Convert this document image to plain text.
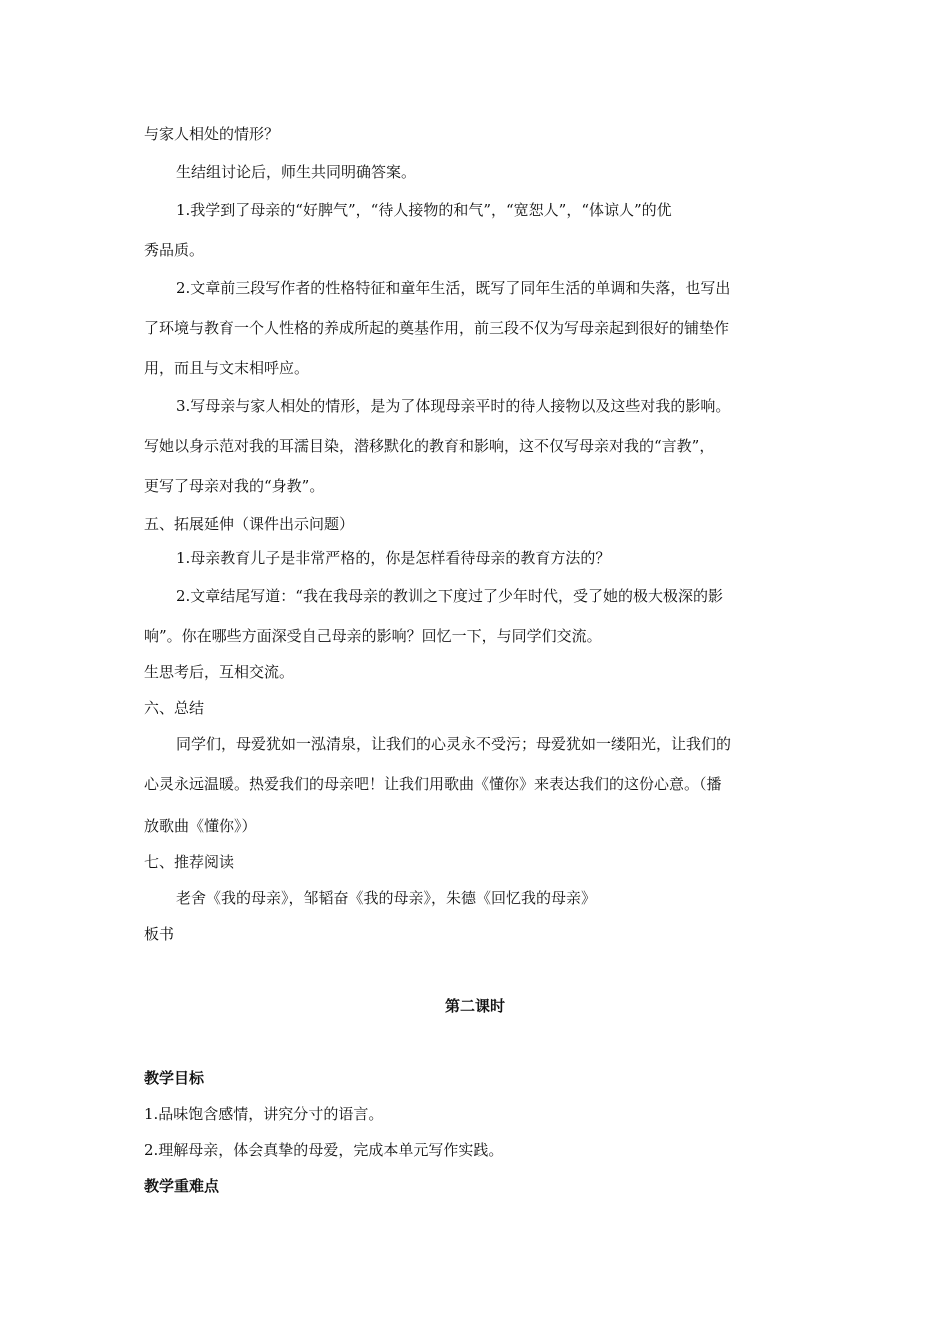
与家人相处的情形？
生结组讨论后，师生共同明确答案。
1.我学到了母亲的“好脾气”，“待人接物的和气”，“宽恕人”，“体谅人”的优
秀品质。
2.文章前三段写作者的性格特征和童年生活，既写了同年生活的单调和失落，也写出
了环境与教育一个人性格的养成所起的奠基作用，前三段不仅为写母亲起到很好的铺垫作
用，而且与文末相呼应。
3.写母亲与家人相处的情形，是为了体现母亲平时的待人接物以及这些对我的影响。
写她以身示范对我的耳濡目染，潜移默化的教育和影响，这不仅写母亲对我的“言教”，
更写了母亲对我的“身教”。
五、拓展延伸（课件出示问题）
1.母亲教育儿子是非常严格的，你是怎样看待母亲的教育方法的？
2.文章结尾写道：“我在我母亲的教训之下度过了少年时代，受了她的极大极深的影
响”。你在哪些方面深受自己母亲的影响？回忆一下，与同学们交流。
生思考后，互相交流。
六、总结
同学们，母爱犹如一泓清泉，让我们的心灵永不受污；母爱犹如一缕阳光，让我们的
心灵永远温暖。热爱我们的母亲吧！让我们用歌曲《懂你》来表达我们的这份心意。（播
放歌曲《懂你》）
七、推荐阅读
老舍《我的母亲》，邹韬奋《我的母亲》，朱德《回忆我的母亲》
板书
第二课时
教学目标
1.品味饱含感情，讲究分寸的语言。
2.理解母亲，体会真挚的母爱，完成本单元写作实践。
教学重难点
